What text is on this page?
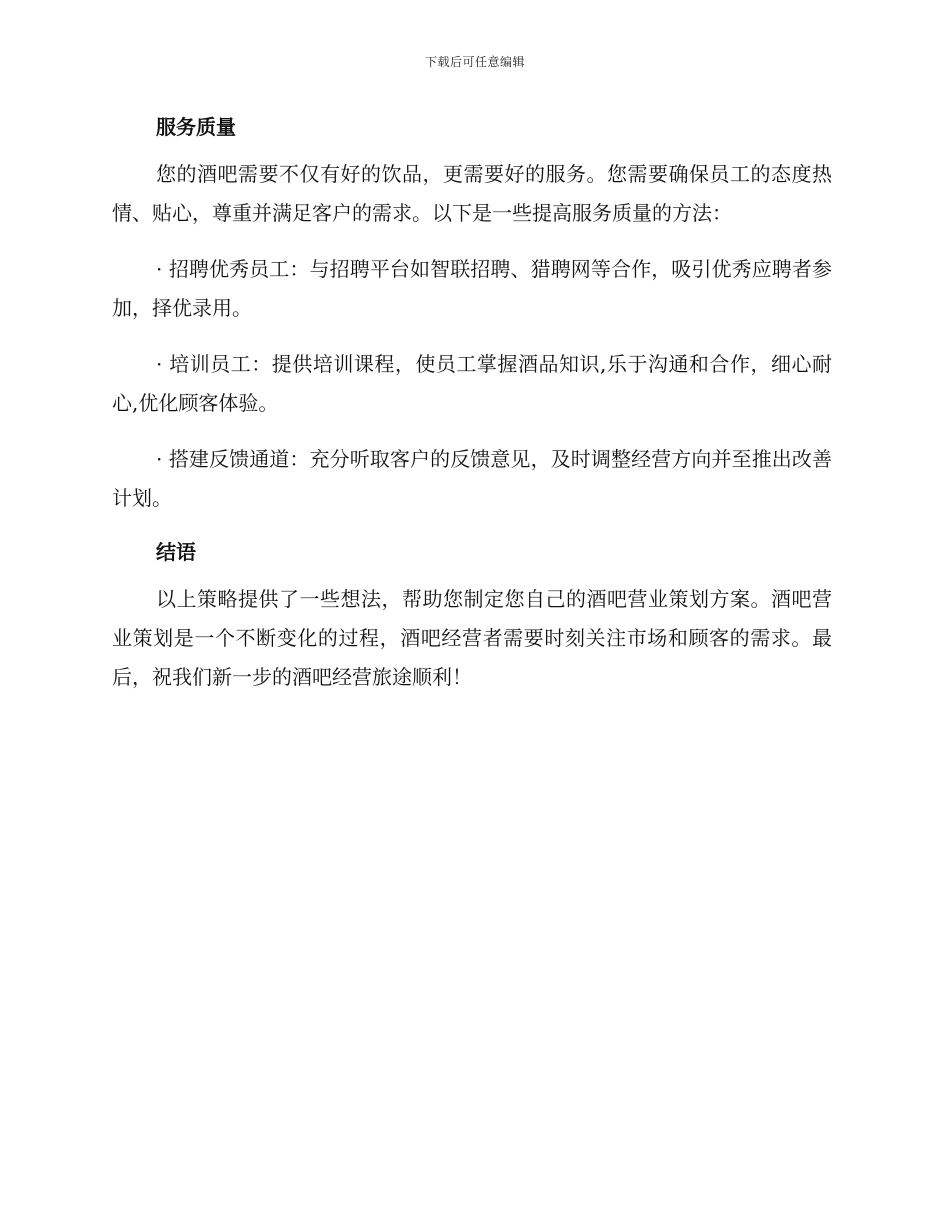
下载后可任意编辑
服务质量

您的酒吧需要不仅有好的饮品，更需要好的服务。您需要确保员工的态度热情、贴心，尊重并满足客户的需求。以下是一些提高服务质量的方法：

· 招聘优秀员工：与招聘平台如智联招聘、猎聘网等合作，吸引优秀应聘者参加，择优录用。

· 培训员工：提供培训课程，使员工掌握酒品知识,乐于沟通和合作，细心耐心,优化顾客体验。

· 搭建反馈通道：充分听取客户的反馈意见，及时调整经营方向并至推出改善计划。

结语

以上策略提供了一些想法，帮助您制定您自己的酒吧营业策划方案。酒吧营业策划是一个不断变化的过程，酒吧经营者需要时刻关注市场和顾客的需求。最后，祝我们新一步的酒吧经营旅途顺利！
